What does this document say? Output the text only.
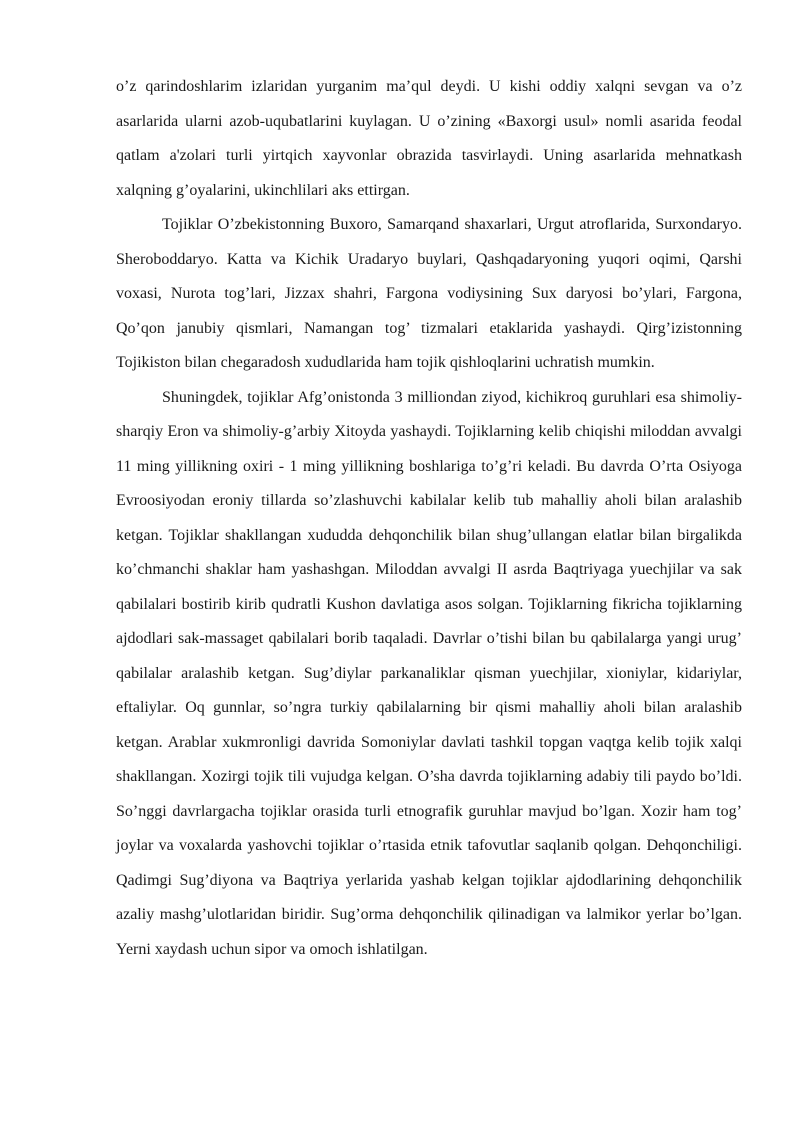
o’z qarindoshlarim izlaridan yurganim ma’qul deydi. U kishi oddiy xalqni sevgan va o’z asarlarida ularni azob-uqubatlarini kuylagan. U o’zining «Baxorgi usul» nomli asarida feodal qatlam a'zolari turli yirtqich xayvonlar obrazida tasvirlaydi. Uning asarlarida mehnatkash xalqning g’oyalarini, ukinchlilari aks ettirgan.

Tojiklar O’zbekistonning Buxoro, Samarqand shaxarlari, Urgut atroflarida, Surxondaryo. Sheroboddaryo. Katta va Kichik Uradaryo buylari, Qashqadaryoning yuqori oqimi, Qarshi voxasi, Nurota tog’lari, Jizzax shahri, Fargona vodiysining Sux daryosi bo’ylari, Fargona, Qo’qon janubiy qismlari, Namangan tog’ tizmalari etaklarida yashaydi. Qirg’izistonning Tojikiston bilan chegaradosh xududlarida ham tojik qishloqlarini uchratish mumkin.

Shuningdek, tojiklar Afg’onistonda 3 milliondan ziyod, kichikroq guruhlari esa shimoliy-sharqiy Eron va shimoliy-g’arbiy Xitoyda yashaydi. Tojiklarning kelib chiqishi miloddan avvalgi 11 ming yillikning oxiri - 1 ming yillikning boshlariga to’g’ri keladi. Bu davrda O’rta Osiyoga Evroosiyodan eroniy tillarda so’zlashuvchi kabilalar kelib tub mahalliy aholi bilan aralashib ketgan. Tojiklar shakllangan xududda dehqonchilik bilan shug’ullangan elatlar bilan birgalikda ko’chmanchi shaklar ham yashashgan. Miloddan avvalgi II asrda Baqtriyaga yuechjilar va sak qabilalari bostirib kirib qudratli Kushon davlatiga asos solgan. Tojiklarning fikricha tojiklarning ajdodlari sak-massaget qabilalari borib taqaladi. Davrlar o’tishi bilan bu qabilalarga yangi urug’ qabilalar aralashib ketgan. Sug’diylar parkanaliklar qisman yuechjilar, xioniylar, kidariylar, eftaliylar. Oq gunnlar, so’ngra turkiy qabilalarning bir qismi mahalliy aholi bilan aralashib ketgan. Arablar xukmronligi davrida Somoniylar davlati tashkil topgan vaqtga kelib tojik xalqi shakllangan. Xozirgi tojik tili vujudga kelgan. O’sha davrda tojiklarning adabiy tili paydo bo’ldi. So’nggi davrlargacha tojiklar orasida turli etnografik guruhlar mavjud bo’lgan. Xozir ham tog’ joylar va voxalarda yashovchi tojiklar o’rtasida etnik tafovutlar saqlanib qolgan. Dehqonchiligi. Qadimgi Sug’diyona va Baqtriya yerlarida yashab kelgan tojiklar ajdodlarining dehqonchilik azaliy mashg’ulotlaridan biridir. Sug’orma dehqonchilik qilinadigan va lalmikor yerlar bo’lgan. Yerni xaydash uchun sipor va omoch ishlatilgan.
